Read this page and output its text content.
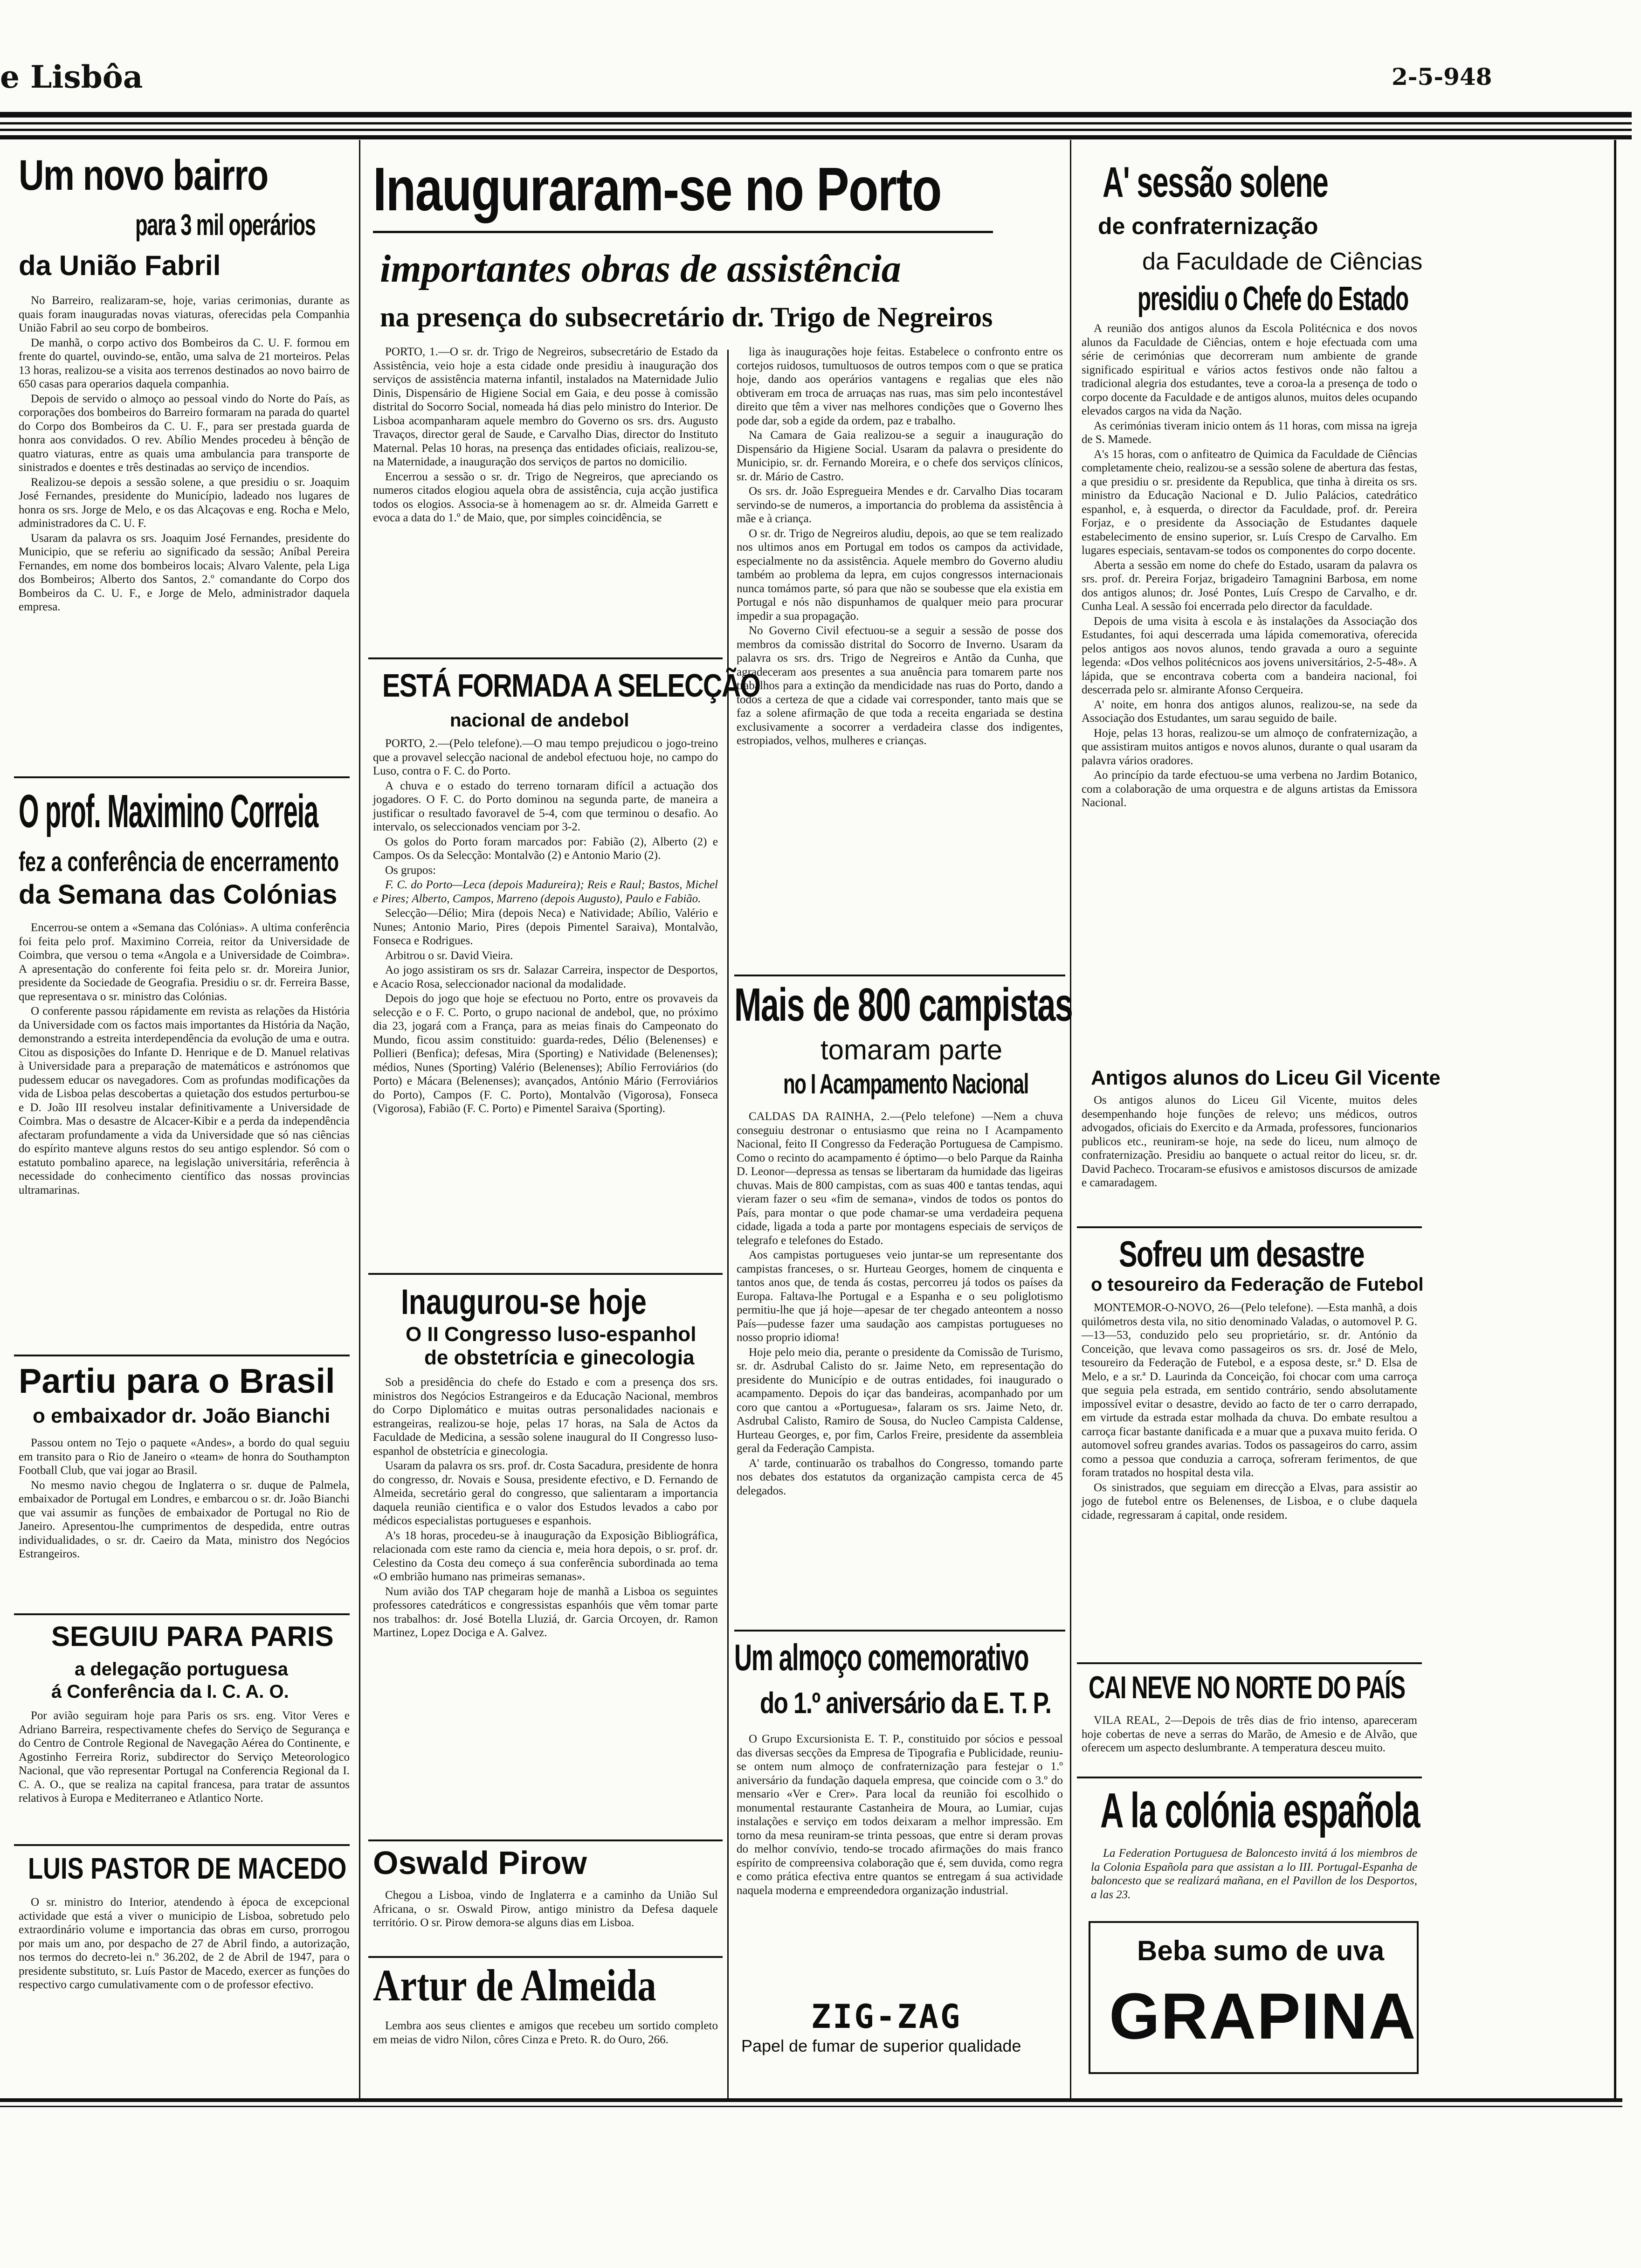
e Lisbôa	2-5-948
Um novo bairro
para 3 mil operários
da União Fabril

No Barreiro, realizaram-se, hoje, varias cerimonias, durante as quais foram inauguradas novas viaturas, oferecidas pela Companhia União Fabril ao seu corpo de bombeiros.

De manhã, o corpo activo dos Bombeiros da C. U. F. formou em frente do quartel, ouvindo-se, então, uma salva de 21 morteiros. Pelas 13 horas, realizou-se a visita aos terrenos destinados ao novo bairro de 650 casas para operarios daquela companhia.

Depois de servido o almoço ao pessoal vindo do Norte do País, as corporações dos bombeiros do Barreiro formaram na parada do quartel do Corpo dos Bombeiros da C. U. F., para ser prestada guarda de honra aos convidados. O rev. Abílio Mendes procedeu à bênção de quatro viaturas, entre as quais uma ambulancia para transporte de sinistrados e doentes e três destinadas ao serviço de incendios.

Realizou-se depois a sessão solene, a que presidiu o sr. Joaquim José Fernandes, presidente do Município, ladeado nos lugares de honra os srs. Jorge de Melo, e os das Alcaçovas e eng. Rocha e Melo, administradores da C. U. F.

Usaram da palavra os srs. Joaquim José Fernandes, presidente do Municipio, que se referiu ao significado da sessão; Aníbal Pereira Fernandes, em nome dos bombeiros locais; Alvaro Valente, pela Liga dos Bombeiros; Alberto dos Santos, 2.º comandante do Corpo dos Bombeiros da C. U. F., e Jorge de Melo, administrador daquela empresa.

O prof. Maximino Correia
fez a conferência de encerramento
da Semana das Colónias

Encerrou-se ontem a «Semana das Colónias». A ultima conferência foi feita pelo prof. Maximino Correia, reitor da Universidade de Coimbra, que versou o tema «Angola e a Universidade de Coimbra». A apresentação do conferente foi feita pelo sr. dr. Moreira Junior, presidente da Sociedade de Geografia. Presidiu o sr. dr. Ferreira Basse, que representava o sr. ministro das Colónias.

O conferente passou rápidamente em revista as relações da História da Universidade com os factos mais importantes da História da Nação, demonstrando a estreita interdependência da evolução de uma e outra. Citou as disposições do Infante D. Henrique e de D. Manuel relativas à Universidade para a preparação de matemáticos e astrónomos que pudessem educar os navegadores. Com as profundas modificações da vida de Lisboa pelas descobertas a quietação dos estudos perturbou-se e D. João III resolveu instalar definitivamente a Universidade de Coimbra. Mas o desastre de Alcacer-Kibir e a perda da independência afectaram profundamente a vida da Universidade que só nas ciências do espírito manteve alguns restos do seu antigo esplendor. Só com o estatuto pombalino aparece, na legislação universitária, referência à necessidade do conhecimento científico das nossas provincias ultramarinas.

Partiu para o Brasil
o embaixador dr. João Bianchi

Passou ontem no Tejo o paquete «Andes», a bordo do qual seguiu em transito para o Rio de Janeiro o «team» de honra do Southampton Football Club, que vai jogar ao Brasil.

No mesmo navio chegou de Inglaterra o sr. duque de Palmela, embaixador de Portugal em Londres, e embarcou o sr. dr. João Bianchi que vai assumir as funções de embaixador de Portugal no Rio de Janeiro. Apresentou-lhe cumprimentos de despedida, entre outras individualidades, o sr. dr. Caeiro da Mata, ministro dos Negócios Estrangeiros.

SEGUIU PARA PARIS
a delegação portuguesa
á Conferência da I. C. A. O.

Por avião seguiram hoje para Paris os srs. eng. Vitor Veres e Adriano Barreira, respectivamente chefes do Serviço de Segurança e do Centro de Controle Regional de Navegação Aérea do Continente, e Agostinho Ferreira Roriz, subdirector do Serviço Meteorologico Nacional, que vão representar Portugal na Conferencia Regional da I. C. A. O., que se realiza na capital francesa, para tratar de assuntos relativos à Europa e Mediterraneo e Atlantico Norte.

LUIS PASTOR DE MACEDO

O sr. ministro do Interior, atendendo à época de excepcional actividade que está a viver o municipio de Lisboa, sobretudo pelo extraordinário volume e importancia das obras em curso, prorrogou por mais um ano, por despacho de 27 de Abril findo, a autorização, nos termos do decreto-lei n.º 36.202, de 2 de Abril de 1947, para o presidente substituto, sr. Luís Pastor de Macedo, exercer as funções do respectivo cargo cumulativamente com o de professor efectivo.

Inauguraram-se no Porto
importantes obras de assistência
na presença do subsecretário dr. Trigo de Negreiros

PORTO, 1.—O sr. dr. Trigo de Negreiros, subsecretário de Estado da Assistência, veio hoje a esta cidade onde presidiu à inauguração dos serviços de assistência materna infantil, instalados na Maternidade Julio Dinis, Dispensário de Higiene Social em Gaia, e deu posse à comissão distrital do Socorro Social, nomeada há dias pelo ministro do Interior. De Lisboa acompanharam aquele membro do Governo os srs. drs. Augusto Travaços, director geral de Saude, e Carvalho Dias, director do Instituto Maternal. Pelas 10 horas, na presença das entidades oficiais, realizou-se, na Maternidade, a inauguração dos serviços de partos no domicilio.

Encerrou a sessão o sr. dr. Trigo de Negreiros, que apreciando os numeros citados elogiou aquela obra de assistência, cuja acção justifica todos os elogios. Associa-se à homenagem ao sr. dr. Almeida Garrett e evoca a data do 1.º de Maio, que, por simples coincidência, se

liga às inaugurações hoje feitas. Estabelece o confronto entre os cortejos ruidosos, tumultuosos de outros tempos com o que se pratica hoje, dando aos operários vantagens e regalias que eles não obtiveram em troca de arruaças nas ruas, mas sim pelo incontestável direito que têm a viver nas melhores condições que o Governo lhes pode dar, sob a egide da ordem, paz e trabalho.

Na Camara de Gaia realizou-se a seguir a inauguração do Dispensário da Higiene Social. Usaram da palavra o presidente do Municipio, sr. dr. Fernando Moreira, e o chefe dos serviços clínicos, sr. dr. Mário de Castro.

Os srs. dr. João Espregueira Mendes e dr. Carvalho Dias tocaram servindo-se de numeros, a importancia do problema da assistência à mãe e à criança.

O sr. dr. Trigo de Negreiros aludiu, depois, ao que se tem realizado nos ultimos anos em Portugal em todos os campos da actividade, especialmente no da assistência. Aquele membro do Governo aludiu também ao problema da lepra, em cujos congressos internacionais nunca tomámos parte, só para que não se soubesse que ela existia em Portugal e nós não dispunhamos de qualquer meio para procurar impedir a sua propagação.

No Governo Civil efectuou-se a seguir a sessão de posse dos membros da comissão distrital do Socorro de Inverno. Usaram da palavra os srs. drs. Trigo de Negreiros e Antão da Cunha, que agradeceram aos presentes a sua anuência para tomarem parte nos trabalhos para a extinção da mendicidade nas ruas do Porto, dando a todos a certeza de que a cidade vai corresponder, tanto mais que se faz a solene afirmação de que toda a receita engariada se destina exclusivamente a socorrer a verdadeira classe dos indigentes, estropiados, velhos, mulheres e crianças.

ESTÁ FORMADA A SELECÇÃO
nacional de andebol

PORTO, 2.—(Pelo telefone).—O mau tempo prejudicou o jogo-treino que a provavel selecção nacional de andebol efectuou hoje, no campo do Luso, contra o F. C. do Porto.

A chuva e o estado do terreno tornaram difícil a actuação dos jogadores. O F. C. do Porto dominou na segunda parte, de maneira a justificar o resultado favoravel de 5-4, com que terminou o desafio. Ao intervalo, os seleccionados venciam por 3-2.

Os golos do Porto foram marcados por: Fabião (2), Alberto (2) e Campos. Os da Selecção: Montalvão (2) e Antonio Mario (2).

Os grupos:

F. C. do Porto—Leca (depois Madureira); Reis e Raul; Bastos, Michel e Pires; Alberto, Campos, Marreno (depois Augusto), Paulo e Fabião.

Selecção—Délio; Mira (depois Neca) e Natividade; Abílio, Valério e Nunes; Antonio Mario, Pires (depois Pimentel Saraiva), Montalvão, Fonseca e Rodrigues.

Arbitrou o sr. David Vieira.

Ao jogo assistiram os srs dr. Salazar Carreira, inspector de Desportos, e Acacio Rosa, seleccionador nacional da modalidade.

Depois do jogo que hoje se efectuou no Porto, entre os provaveis da selecção e o F. C. Porto, o grupo nacional de andebol, que, no próximo dia 23, jogará com a França, para as meias finais do Campeonato do Mundo, ficou assim constituido: guarda-redes, Délio (Belenenses) e Pollieri (Benfica); defesas, Mira (Sporting) e Natividade (Belenenses); médios, Nunes (Sporting) Valério (Belenenses); Abílio Ferroviários (do Porto) e Mácara (Belenenses); avançados, António Mário (Ferroviários do Porto), Campos (F. C. Porto), Montalvão (Vigorosa), Fonseca (Vigorosa), Fabião (F. C. Porto) e Pimentel Saraiva (Sporting).

Inaugurou-se hoje
O II Congresso luso-espanhol
de obstetrícia e ginecologia

Sob a presidência do chefe do Estado e com a presença dos srs. ministros dos Negócios Estrangeiros e da Educação Nacional, membros do Corpo Diplomático e muitas outras personalidades nacionais e estrangeiras, realizou-se hoje, pelas 17 horas, na Sala de Actos da Faculdade de Medicina, a sessão solene inaugural do II Congresso luso-espanhol de obstetrícia e ginecologia.

Usaram da palavra os srs. prof. dr. Costa Sacadura, presidente de honra do congresso, dr. Novais e Sousa, presidente efectivo, e D. Fernando de Almeida, secretário geral do congresso, que salientaram a importancia daquela reunião cientifica e o valor dos Estudos levados a cabo por médicos especialistas portugueses e espanhois.

A's 18 horas, procedeu-se à inauguração da Exposição Bibliográfica, relacionada com este ramo da ciencia e, meia hora depois, o sr. prof. dr. Celestino da Costa deu começo á sua conferência subordinada ao tema «O embrião humano nas primeiras semanas».

Num avião dos TAP chegaram hoje de manhã a Lisboa os seguintes professores catedráticos e congressistas espanhóis que vêm tomar parte nos trabalhos: dr. José Botella Lluziá, dr. Garcia Orcoyen, dr. Ramon Martinez, Lopez Dociga e A. Galvez.

Oswald Pirow

Chegou a Lisboa, vindo de Inglaterra e a caminho da União Sul Africana, o sr. Oswald Pirow, antigo ministro da Defesa daquele território. O sr. Pirow demora-se alguns dias em Lisboa.

Artur de Almeida

Lembra aos seus clientes e amigos que recebeu um sortido completo em meias de vidro Nilon, côres Cinza e Preto. R. do Ouro, 266.

Mais de 800 campistas
tomaram parte
no I Acampamento Nacional

CALDAS DA RAINHA, 2.—(Pelo telefone) —Nem a chuva conseguiu destronar o entusiasmo que reina no I Acampamento Nacional, feito II Congresso da Federação Portuguesa de Campismo. Como o recinto do acampamento é óptimo—o belo Parque da Rainha D. Leonor—depressa as tensas se libertaram da humidade das ligeiras chuvas. Mais de 800 campistas, com as suas 400 e tantas tendas, aqui vieram fazer o seu «fim de semana», vindos de todos os pontos do País, para montar o que pode chamar-se uma verdadeira pequena cidade, ligada a toda a parte por montagens especiais de serviços de telegrafo e telefones do Estado.

Aos campistas portugueses veio juntar-se um representante dos campistas franceses, o sr. Hurteau Georges, homem de cinquenta e tantos anos que, de tenda ás costas, percorreu já todos os países da Europa. Faltava-lhe Portugal e a Espanha e o seu poliglotismo permitiu-lhe que já hoje—apesar de ter chegado anteontem a nosso País—pudesse fazer uma saudação aos campistas portugueses no nosso proprio idioma!

Hoje pelo meio dia, perante o presidente da Comissão de Turismo, sr. dr. Asdrubal Calisto do sr. Jaime Neto, em representação do presidente do Município e de outras entidades, foi inaugurado o acampamento. Depois do içar das bandeiras, acompanhado por um coro que cantou a «Portuguesa», falaram os srs. Jaime Neto, dr. Asdrubal Calisto, Ramiro de Sousa, do Nucleo Campista Caldense, Hurteau Georges, e, por fim, Carlos Freire, presidente da assembleia geral da Federação Campista.

A' tarde, continuarão os trabalhos do Congresso, tomando parte nos debates dos estatutos da organização campista cerca de 45 delegados.

Um almoço comemorativo
do 1.º aniversário da E. T. P.

O Grupo Excursionista E. T. P., constituido por sócios e pessoal das diversas secções da Empresa de Tipografia e Publicidade, reuniu-se ontem num almoço de confraternização para festejar o 1.º aniversário da fundação daquela empresa, que coincide com o 3.º do mensario «Ver e Crer». Para local da reunião foi escolhido o monumental restaurante Castanheira de Moura, ao Lumiar, cujas instalações e serviço em todos deixaram a melhor impressão. Em torno da mesa reuniram-se trinta pessoas, que entre si deram provas do melhor convívio, tendo-se trocado afirmações do mais franco espírito de compreensiva colaboração que é, sem duvida, como regra e como prática efectiva entre quantos se entregam á sua actividade naquela moderna e empreendedora organização industrial.

ZIG-ZAG
Papel de fumar de superior qualidade
A' sessão solene
de confraternização
da Faculdade de Ciências
presidiu o Chefe do Estado

A reunião dos antigos alunos da Escola Politécnica e dos novos alunos da Faculdade de Ciências, ontem e hoje efectuada com uma série de cerimónias que decorreram num ambiente de grande significado espiritual e vários actos festivos onde não faltou a tradicional alegria dos estudantes, teve a coroa-la a presença de todo o corpo docente da Faculdade e de antigos alunos, muitos deles ocupando elevados cargos na vida da Nação.

As cerimónias tiveram inicio ontem ás 11 horas, com missa na igreja de S. Mamede.

A's 15 horas, com o anfiteatro de Quimica da Faculdade de Ciências completamente cheio, realizou-se a sessão solene de abertura das festas, a que presidiu o sr. presidente da Republica, que tinha à direita os srs. ministro da Educação Nacional e D. Julio Palácios, catedrático espanhol, e, à esquerda, o director da Faculdade, prof. dr. Pereira Forjaz, e o presidente da Associação de Estudantes daquele estabelecimento de ensino superior, sr. Luís Crespo de Carvalho. Em lugares especiais, sentavam-se todos os componentes do corpo docente.

Aberta a sessão em nome do chefe do Estado, usaram da palavra os srs. prof. dr. Pereira Forjaz, brigadeiro Tamagnini Barbosa, em nome dos antigos alunos; dr. José Pontes, Luís Crespo de Carvalho, e dr. Cunha Leal. A sessão foi encerrada pelo director da faculdade.

Depois de uma visita à escola e às instalações da Associação dos Estudantes, foi aqui descerrada uma lápida comemorativa, oferecida pelos antigos aos novos alunos, tendo gravada a ouro a seguinte legenda: «Dos velhos politécnicos aos jovens universitários, 2-5-48». A lápida, que se encontrava coberta com a bandeira nacional, foi descerrada pelo sr. almirante Afonso Cerqueira.

A' noite, em honra dos antigos alunos, realizou-se, na sede da Associação dos Estudantes, um sarau seguido de baile.

Hoje, pelas 13 horas, realizou-se um almoço de confraternização, a que assistiram muitos antigos e novos alunos, durante o qual usaram da palavra vários oradores.

Ao princípio da tarde efectuou-se uma verbena no Jardim Botanico, com a colaboração de uma orquestra e de alguns artistas da Emissora Nacional.

Antigos alunos do Liceu Gil Vicente

Os antigos alunos do Liceu Gil Vicente, muitos deles desempenhando hoje funções de relevo; uns médicos, outros advogados, oficiais do Exercito e da Armada, professores, funcionarios publicos etc., reuniram-se hoje, na sede do liceu, num almoço de confraternização. Presidiu ao banquete o actual reitor do liceu, sr. dr. David Pacheco. Trocaram-se efusivos e amistosos discursos de amizade e camaradagem.

Sofreu um desastre
o tesoureiro da Federação de Futebol

MONTEMOR-O-NOVO, 26—(Pelo telefone). —Esta manhã, a dois quilómetros desta vila, no sitio denominado Valadas, o automovel P. G.—13—53, conduzido pelo seu proprietário, sr. dr. António da Conceição, que levava como passageiros os srs. dr. José de Melo, tesoureiro da Federação de Futebol, e a esposa deste, sr.ª D. Elsa de Melo, e a sr.ª D. Laurinda da Conceição, foi chocar com uma carroça que seguia pela estrada, em sentido contrário, sendo absolutamente impossível evitar o desastre, devido ao facto de ter o carro derrapado, em virtude da estrada estar molhada da chuva. Do embate resultou a carroça ficar bastante danificada e a muar que a puxava muito ferida. O automovel sofreu grandes avarias. Todos os passageiros do carro, assim como a pessoa que conduzia a carroça, sofreram ferimentos, de que foram tratados no hospital desta vila.

Os sinistrados, que seguiam em direcção a Elvas, para assistir ao jogo de futebol entre os Belenenses, de Lisboa, e o clube daquela cidade, regressaram á capital, onde residem.

CAI NEVE NO NORTE DO PAÍS

VILA REAL, 2—Depois de três dias de frio intenso, apareceram hoje cobertas de neve a serras do Marão, de Amesio e de Alvão, que oferecem um aspecto deslumbrante. A temperatura desceu muito.

A la colónia española

La Federation Portuguesa de Baloncesto invitá á los miembros de la Colonia Española para que assistan a lo III. Portugal-Espanha de baloncesto que se realizará mañana, en el Pavillon de los Desportos, a las 23.

Beba sumo de uva
GRAPINA
